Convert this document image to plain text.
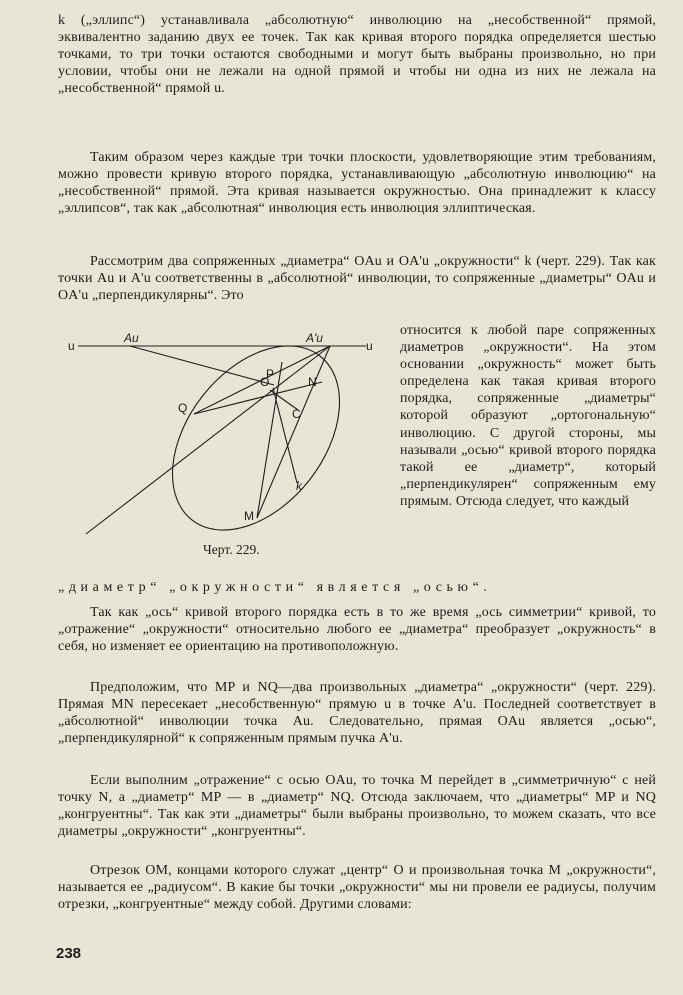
k („эллипс“) устанавливала „абсолютную“ инволюцию на „несобственной“ прямой, эквивалентно заданию двух ее точек. Так как кривая второго порядка определяется шестью точками, то три точки остаются свободными и могут быть выбраны произвольно, но при условии, чтобы они не лежали на одной прямой и чтобы ни одна из них не лежала на „несобственной“ прямой u.

Таким образом через каждые три точки плоскости, удовлетворяющие этим требованиям, можно провести кривую второго порядка, устанавливающую „абсолютную инволюцию“ на „несобственной“ прямой. Эта кривая называется окружностью. Она принадлежит к классу „эллипсов“, так как „абсолютная“ инволюция есть инволюция эллиптическая.

Рассмотрим два сопряженных „диаметра“ OAu и OA'u „окружности“ k (черт. 229). Так как точки Au и A'u соответственны в „абсолютной“ инволюции, то сопряженные „диаметры“ OAu и OA'u „перпендикулярны“. Это

u	u
Au	A'u
P
O	N
Q	C
k
M

Черт. 229.

относится к любой паре сопряженных диаметров „окружности“. На этом основании „окружность“ может быть определена как такая кривая второго порядка, сопряженные „диаметры“ которой образуют „ортогональную“ инволюцию. С другой стороны, мы называли „осью“ кривой второго порядка такой ее „диаметр“, который „перпендикулярен“ сопряженным ему прямым. Отсюда следует, что каждый

„диаметр“ „окружности“ является „осью“.

Так как „ось“ кривой второго порядка есть в то же время „ось симметрии“ кривой, то „отражение“ „окружности“ относительно любого ее „диаметра“ преобразует „окружность“ в себя, но изменяет ее ориентацию на противоположную.

Предположим, что MP и NQ—два произвольных „диаметра“ „окружности“ (черт. 229). Прямая MN пересекает „несобственную“ прямую u в точке A'u. Последней соответствует в „абсолютной“ инволюции точка Au. Следовательно, прямая OAu является „осью“, „перпендикулярной“ к сопряженным прямым пучка A'u.

Если выполним „отражение“ с осью OAu, то точка M перейдет в „симметричную“ с ней точку N, а „диаметр“ MP — в „диаметр“ NQ. Отсюда заключаем, что „диаметры“ MP и NQ „конгруентны“. Так как эти „диаметры“ были выбраны произвольно, то можем сказать, что все диаметры „окружности“ „конгруентны“.

Отрезок OM, концами которого служат „центр“ O и произвольная точка M „окружности“, называется ее „радиусом“. В какие бы точки „окружности“ мы ни провели ее радиусы, получим отрезки, „конгруентные“ между собой. Другими словами:

238
